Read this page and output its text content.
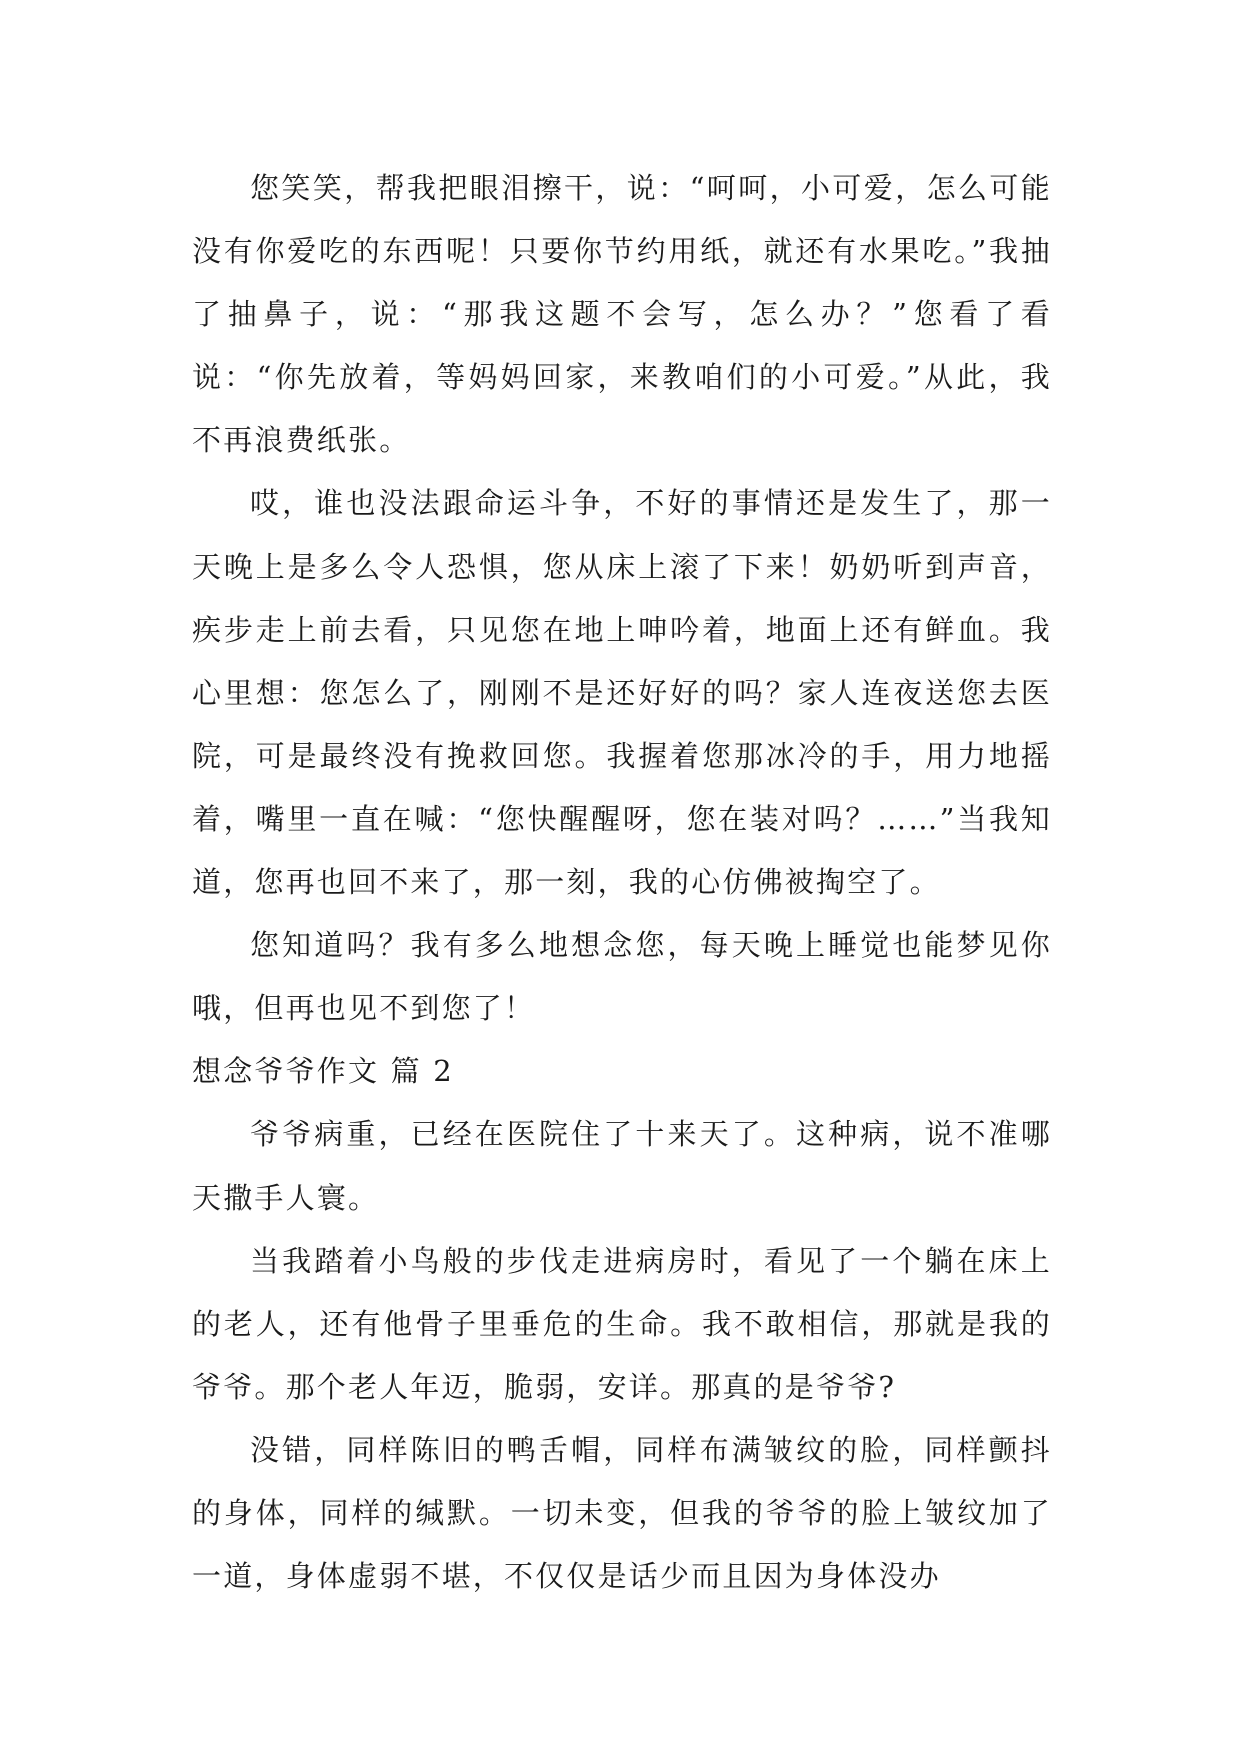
您笑笑，帮我把眼泪擦干，说：“呵呵，小可爱，怎么可能没有你爱吃的东西呢！只要你节约用纸，就还有水果吃。”我抽了抽鼻子，说：“那我这题不会写，怎么办？”您看了看说：“你先放着，等妈妈回家，来教咱们的小可爱。”从此，我不再浪费纸张。

哎，谁也没法跟命运斗争，不好的事情还是发生了，那一天晚上是多么令人恐惧，您从床上滚了下来！奶奶听到声音，疾步走上前去看，只见您在地上呻吟着，地面上还有鲜血。我心里想：您怎么了，刚刚不是还好好的吗？家人连夜送您去医院，可是最终没有挽救回您。我握着您那冰冷的手，用力地摇着，嘴里一直在喊：“您快醒醒呀，您在装对吗？……”当我知道，您再也回不来了，那一刻，我的心仿佛被掏空了。

您知道吗？我有多么地想念您，每天晚上睡觉也能梦见你哦，但再也见不到您了！

想念爷爷作文 篇 2

爷爷病重，已经在医院住了十来天了。这种病，说不准哪天撒手人寰。

当我踏着小鸟般的步伐走进病房时，看见了一个躺在床上的老人，还有他骨子里垂危的生命。我不敢相信，那就是我的爷爷。那个老人年迈，脆弱，安详。那真的是爷爷?

没错，同样陈旧的鸭舌帽，同样布满皱纹的脸，同样颤抖的身体，同样的缄默。一切未变，但我的爷爷的脸上皱纹加了一道，身体虚弱不堪，不仅仅是话少而且因为身体没办
